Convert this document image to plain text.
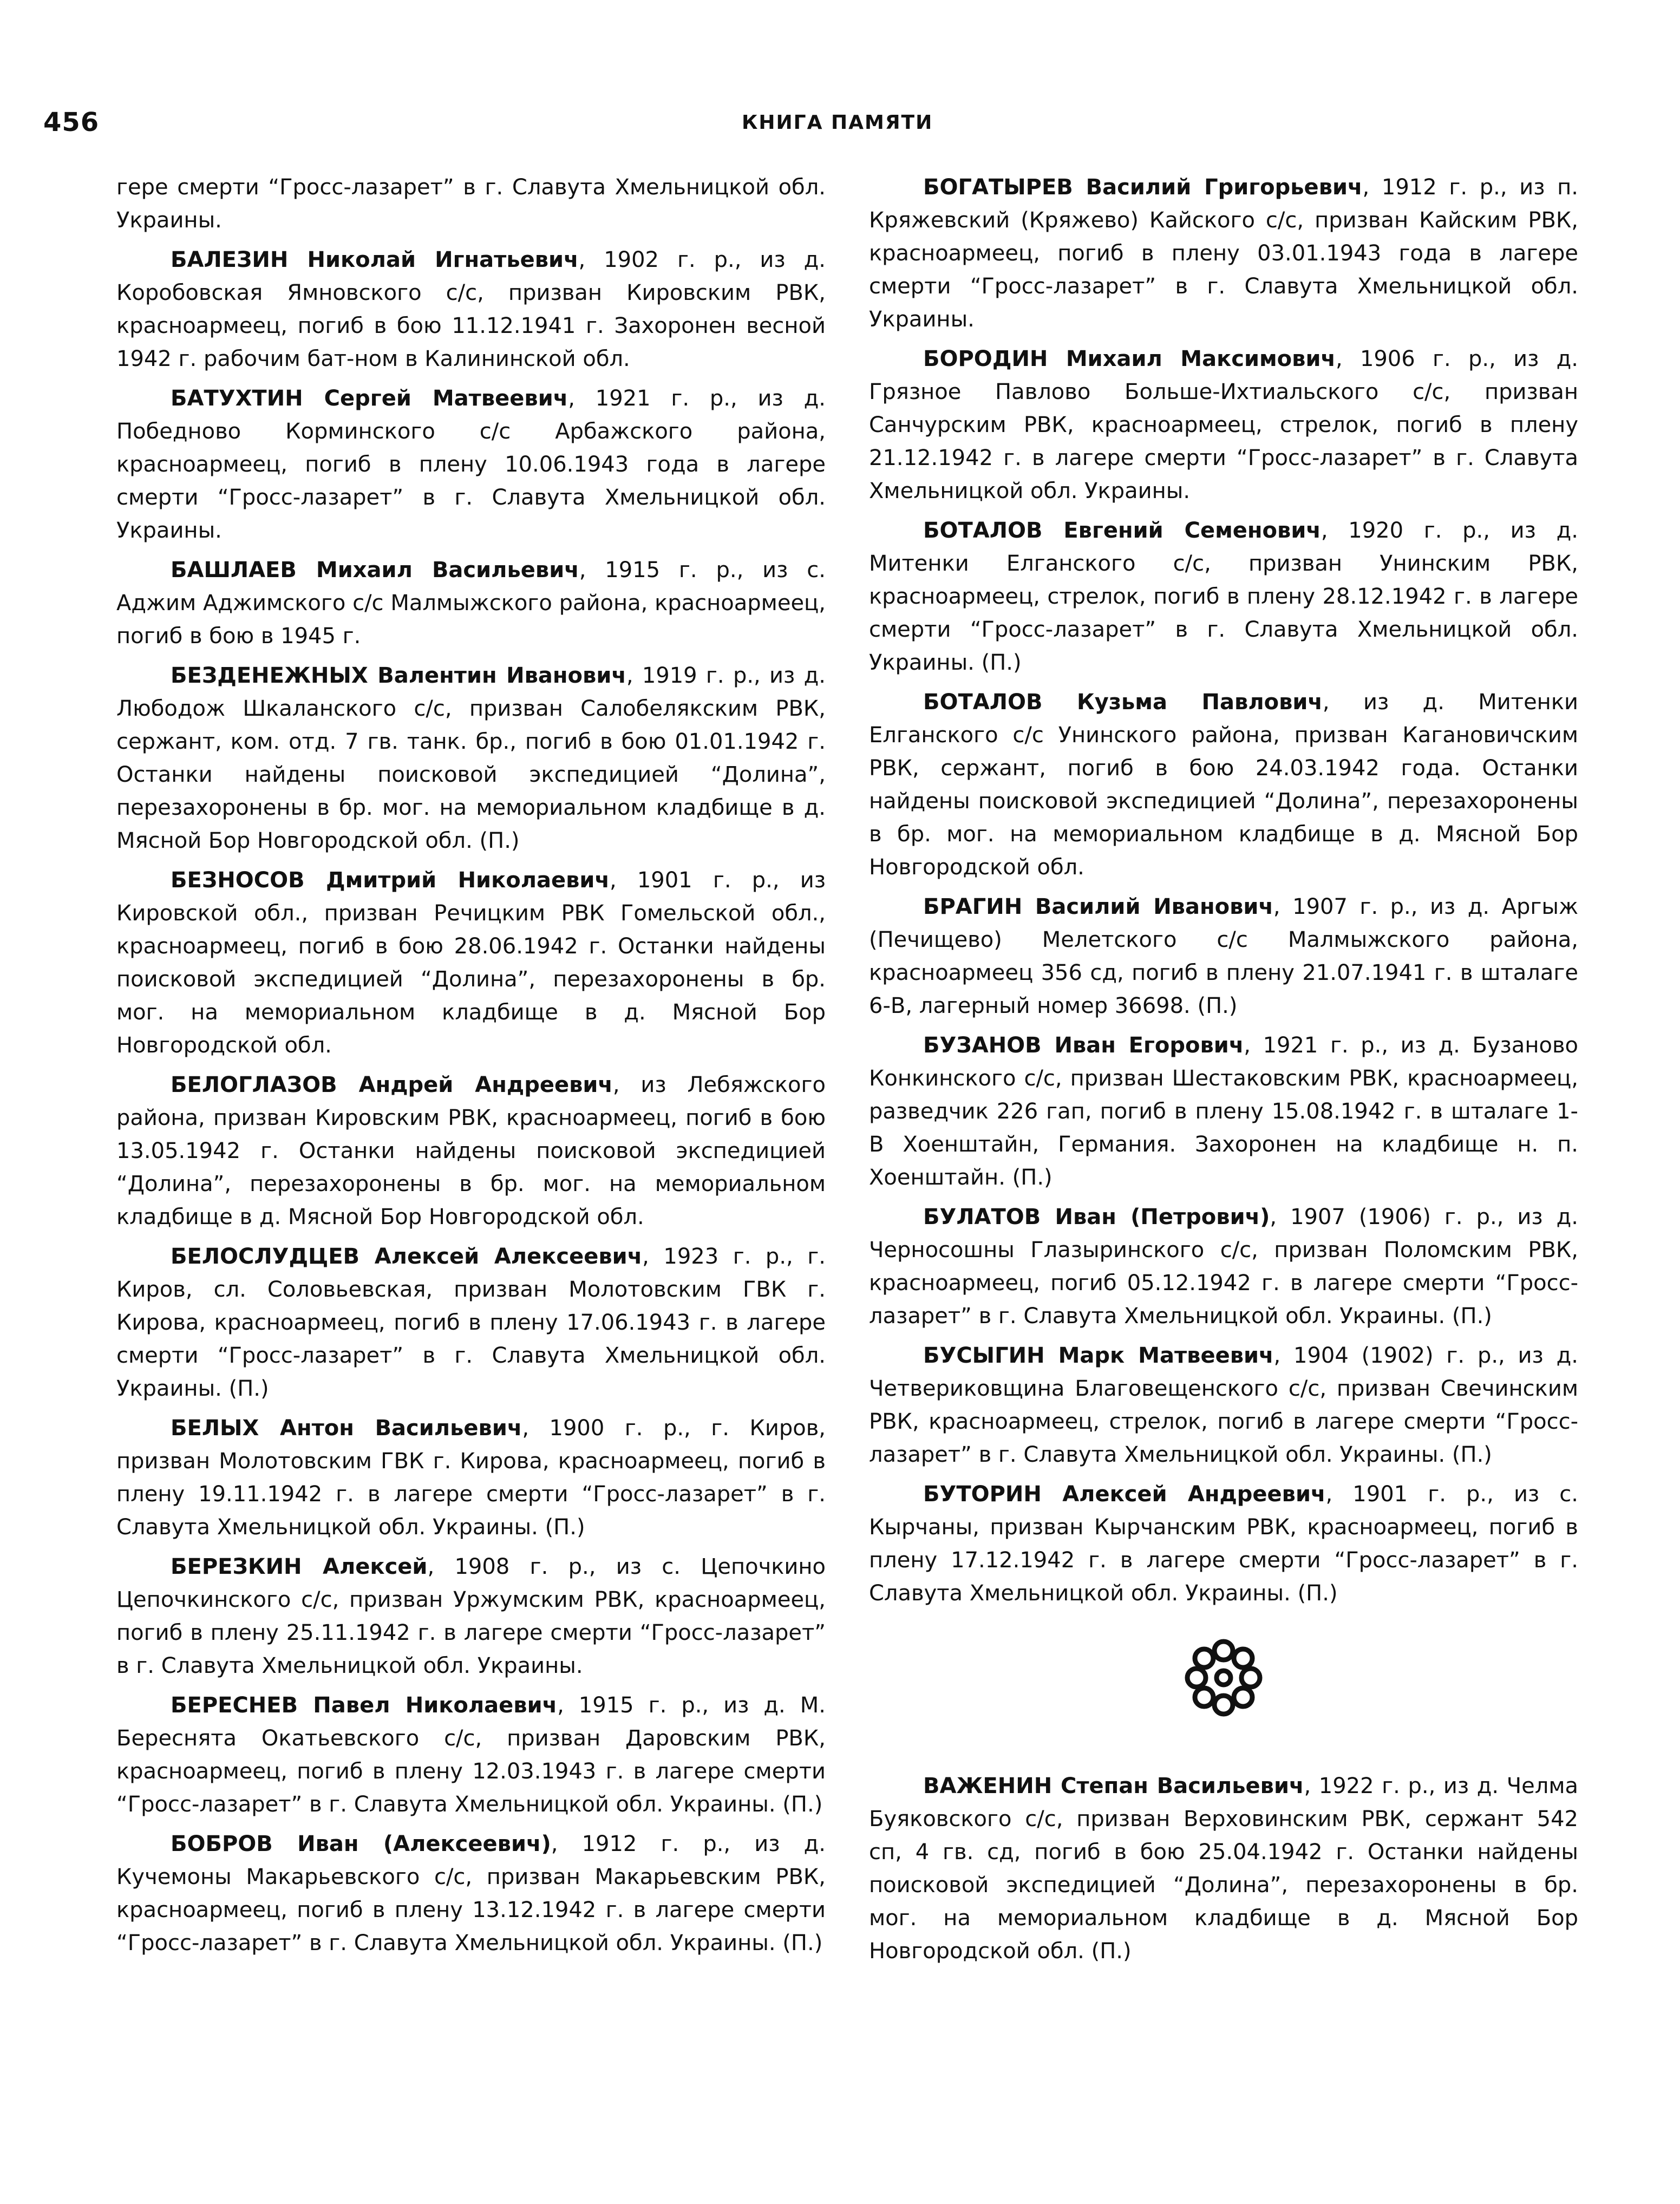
456	КНИГА ПАМЯТИ

гере смерти “Гросс-лазарет” в г. Славута Хмельницкой обл. Украины.

БАЛЕЗИН Николай Игнатьевич, 1902 г. р., из д. Коробовская Ямновского с/с, призван Кировским РВК, красноармеец, погиб в бою 11.12.1941 г. Захоронен весной 1942 г. рабочим бат-ном в Калининской обл.

БАТУХТИН Сергей Матвеевич, 1921 г. р., из д. Победново Корминского с/с Арбажского района, красноармеец, погиб в плену 10.06.1943 года в лагере смерти “Гросс-лазарет” в г. Славута Хмельницкой обл. Украины.

БАШЛАЕВ Михаил Васильевич, 1915 г. р., из с. Аджим Аджимского с/с Малмыжского района, красноармеец, погиб в бою в 1945 г.

БЕЗДЕНЕЖНЫХ Валентин Иванович, 1919 г. р., из д. Любодож Шкаланского с/с, призван Салобелякским РВК, сержант, ком. отд. 7 гв. танк. бр., погиб в бою 01.01.1942 г. Останки найдены поисковой экспедицией “Долина”, перезахоронены в бр. мог. на мемориальном кладбище в д. Мясной Бор Новгородской обл. (П.)

БЕЗНОСОВ Дмитрий Николаевич, 1901 г. р., из Кировской обл., призван Речицким РВК Гомельской обл., красноармеец, погиб в бою 28.06.1942 г. Останки найдены поисковой экспедицией “Долина”, перезахоронены в бр. мог. на мемориальном кладбище в д. Мясной Бор Новгородской обл.

БЕЛОГЛАЗОВ Андрей Андреевич, из Лебяжского района, призван Кировским РВК, красноармеец, погиб в бою 13.05.1942 г. Останки найдены поисковой экспедицией “Долина”, перезахоронены в бр. мог. на мемориальном кладбище в д. Мясной Бор Новгородской обл.

БЕЛОСЛУДЦЕВ Алексей Алексеевич, 1923 г. р., г. Киров, сл. Соловьевская, призван Молотовским ГВК г. Кирова, красноармеец, погиб в плену 17.06.1943 г. в лагере смерти “Гросс-лазарет” в г. Славута Хмельницкой обл. Украины. (П.)

БЕЛЫХ Антон Васильевич, 1900 г. р., г. Киров, призван Молотовским ГВК г. Кирова, красноармеец, погиб в плену 19.11.1942 г. в лагере смерти “Гросс-лазарет” в г. Славута Хмельницкой обл. Украины. (П.)

БЕРЕЗКИН Алексей, 1908 г. р., из с. Цепочкино Цепочкинского с/с, призван Уржумским РВК, красноармеец, погиб в плену 25.11.1942 г. в лагере смерти “Гросс-лазарет” в г. Славута Хмельницкой обл. Украины.

БЕРЕСНЕВ Павел Николаевич, 1915 г. р., из д. М. Береснята Окатьевского с/с, призван Даровским РВК, красноармеец, погиб в плену 12.03.1943 г. в лагере смерти “Гросс-лазарет” в г. Славута Хмельницкой обл. Украины. (П.)

БОБРОВ Иван (Алексеевич), 1912 г. р., из д. Кучемоны Макарьевского с/с, призван Макарьевским РВК, красноармеец, погиб в плену 13.12.1942 г. в лагере смерти “Гросс-лазарет” в г. Славута Хмельницкой обл. Украины. (П.)

БОГАТЫРЕВ Василий Григорьевич, 1912 г. р., из п. Кряжевский (Кряжево) Кайского с/с, призван Кайским РВК, красноармеец, погиб в плену 03.01.1943 года в лагере смерти “Гросс-лазарет” в г. Славута Хмельницкой обл. Украины.

БОРОДИН Михаил Максимович, 1906 г. р., из д. Грязное Павлово Больше-Ихтиальского с/с, призван Санчурским РВК, красноармеец, стрелок, погиб в плену 21.12.1942 г. в лагере смерти “Гросс-лазарет” в г. Славута Хмельницкой обл. Украины.

БОТАЛОВ Евгений Семенович, 1920 г. р., из д. Митенки Елганского с/с, призван Унинским РВК, красноармеец, стрелок, погиб в плену 28.12.1942 г. в лагере смерти “Гросс-лазарет” в г. Славута Хмельницкой обл. Украины. (П.)

БОТАЛОВ Кузьма Павлович, из д. Митенки Елганского с/с Унинского района, призван Кагановичским РВК, сержант, погиб в бою 24.03.1942 года. Останки найдены поисковой экспедицией “Долина”, перезахоронены в бр. мог. на мемориальном кладбище в д. Мясной Бор Новгородской обл.

БРАГИН Василий Иванович, 1907 г. р., из д. Аргыж (Печищево) Мелетского с/с Малмыжского района, красноармеец 356 сд, погиб в плену 21.07.1941 г. в шталаге 6-В, лагерный номер 36698. (П.)

БУЗАНОВ Иван Егорович, 1921 г. р., из д. Бузаново Конкинского с/с, призван Шестаковским РВК, красноармеец, разведчик 226 гап, погиб в плену 15.08.1942 г. в шталаге 1-В Хоенштайн, Германия. Захоронен на кладбище н. п. Хоенштайн. (П.)

БУЛАТОВ Иван (Петрович), 1907 (1906) г. р., из д. Черносошны Глазыринского с/с, призван Поломским РВК, красноармеец, погиб 05.12.1942 г. в лагере смерти “Гросс-лазарет” в г. Славута Хмельницкой обл. Украины. (П.)

БУСЫГИН Марк Матвеевич, 1904 (1902) г. р., из д. Четвериковщина Благовещенского с/с, призван Свечинским РВК, красноармеец, стрелок, погиб в лагере смерти “Гросс-лазарет” в г. Славута Хмельницкой обл. Украины. (П.)

БУТОРИН Алексей Андреевич, 1901 г. р., из с. Кырчаны, призван Кырчанским РВК, красноармеец, погиб в плену 17.12.1942 г. в лагере смерти “Гросс-лазарет” в г. Славута Хмельницкой обл. Украины. (П.)

ВАЖЕНИН Степан Васильевич, 1922 г. р., из д. Челма Буяковского с/с, призван Верховинским РВК, сержант 542 сп, 4 гв. сд, погиб в бою 25.04.1942 г. Останки найдены поисковой экспедицией “Долина”, перезахоронены в бр. мог. на мемориальном кладбище в д. Мясной Бор Новгородской обл. (П.)
